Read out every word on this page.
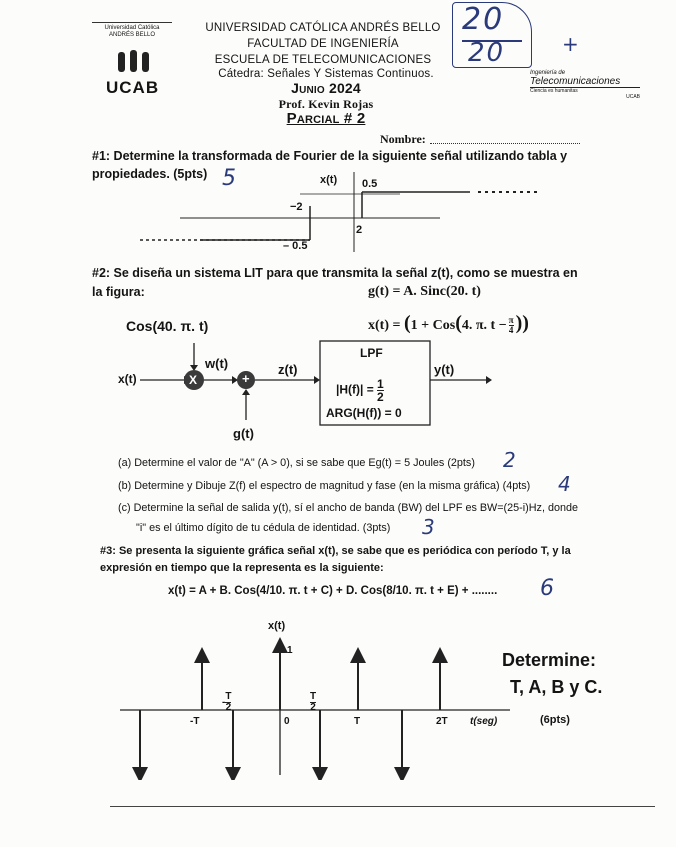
Universidad Católica ANDRÉS BELLO
UCAB
UNIVERSIDAD CATÓLICA ANDRÉS BELLO
FACULTAD DE INGENIERÍA
ESCUELA DE TELECOMUNICACIONES
Cátedra: Señales Y Sistemas Continuos.
Junio 2024
Prof. Kevin Rojas
Parcial # 2
Nombre:
20
20	+
Ingeniería de
Telecomunicaciones
Ciencia es humanitas
UCAB
#1: Determine la transformada de Fourier de la siguiente señal utilizando tabla y
propiedades. (5pts) 5	x(t) 0.5
−2
2
– 0.5
#2: Se diseña un sistema LIT para que transmita la señal z(t), como se muestra en
la figura:	g(t) = A. Sinc(20. t)
x(t) = (1 + Cos(4. π. $t - \frac{\pi}{4}$ ))
Cos(40. π. t)
x(t)	X	+
w(t)	z(t)
g(t)
y(t)
LPF
$|H(f)| = \frac{1}{2}$
ARG(H(f)) = 0
(a) Determine el valor de "A" (A > 0), si se sabe que Eg(t) = 5 Joules (2pts) 2
(b) Determine y Dibuje Z(f) el espectro de magnitud y fase (en la misma gráfica) (4pts) 4
(c) Determine la señal de salida y(t), sí el ancho de banda (BW) del LPF es BW=(25-i)Hz, donde
"i" es el último dígito de tu cédula de identidad. (3pts) 3
#3: Se presenta la siguiente gráfica señal x(t), se sabe que es periódica con período T, y la
expresión en tiempo que la representa es la siguiente:
x(t) = A + B. Cos(4/10. π. t + C) + D. Cos(8/10. π. t + E) + ........ 6
x(t)
1
-T
- $\frac{T}{2}$
0
$\frac{T}{2}$
T	2T t(seg)
Determine:
T, A, B y C.
(6pts)
